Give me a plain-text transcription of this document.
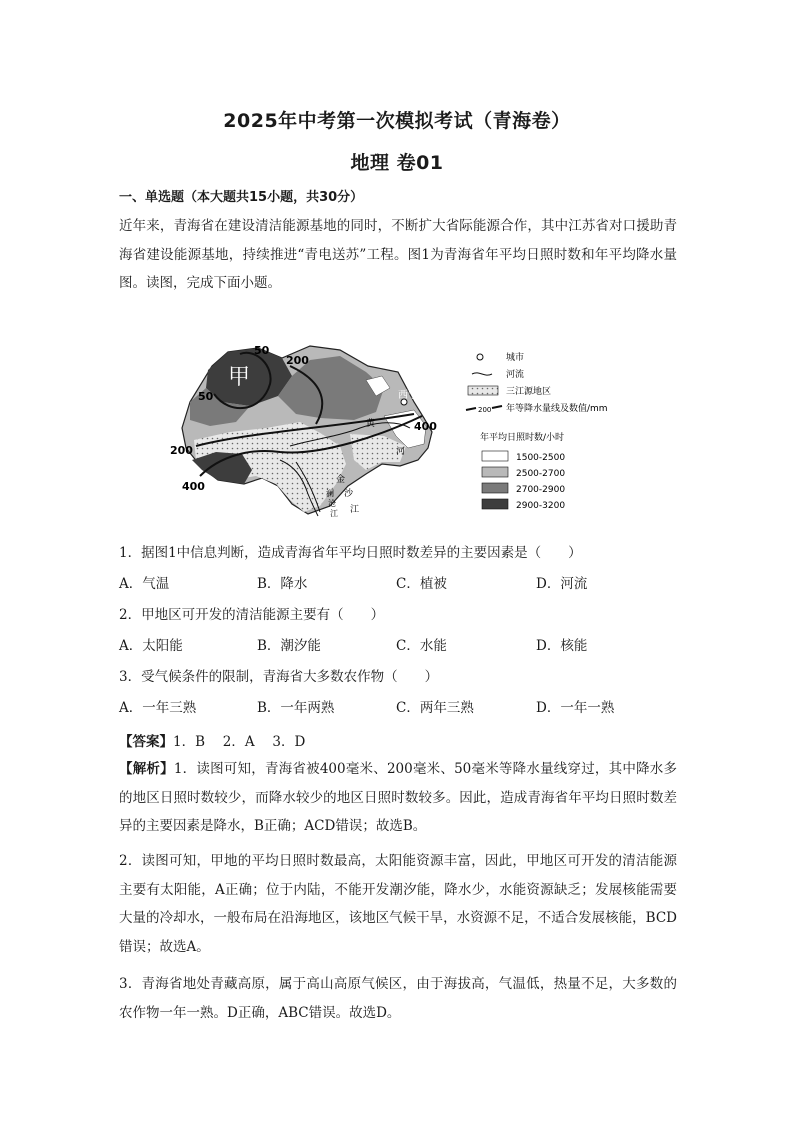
2025年中考第一次模拟考试（青海卷）
地理 卷01
一、单选题（本大题共15小题，共30分）
近年来，青海省在建设清洁能源基地的同时，不断扩大省际能源合作，其中江苏省对口援助青海省建设能源基地，持续推进“青电送苏”工程。图1为青海省年平均日照时数和年平均降水量图。读图，完成下面小题。
甲
50
200
50
200
400
400
西宁
黄
河
金
沙
江
澜
沧
江
城市
河流
三江源地区
200 年等降水量线及数值/mm
年平均日照时数/小时
1500-2500
2500-2700
2700-2900
2900-3200
1．据图1中信息判断，造成青海省年平均日照时数差异的主要因素是（　　）
A．气温	B．降水	C．植被	D．河流
2．甲地区可开发的清洁能源主要有（　　）
A．太阳能	B．潮汐能	C．水能	D．核能
3．受气候条件的限制，青海省大多数农作物（　　）
A．一年三熟	B．一年两熟	C．两年三熟	D．一年一熟
【答案】1．B　 2．A　 3．D
【解析】1．读图可知，青海省被400毫米、200毫米、50毫米等降水量线穿过，其中降水多的地区日照时数较少，而降水较少的地区日照时数较多。因此，造成青海省年平均日照时数差异的主要因素是降水，B正确；ACD错误；故选B。
2．读图可知，甲地的平均日照时数最高，太阳能资源丰富，因此，甲地区可开发的清洁能源主要有太阳能，A正确；位于内陆，不能开发潮汐能，降水少，水能资源缺乏；发展核能需要大量的冷却水，一般布局在沿海地区，该地区气候干旱，水资源不足，不适合发展核能，BCD错误；故选A。
3．青海省地处青藏高原，属于高山高原气候区，由于海拔高，气温低，热量不足，大多数的农作物一年一熟。D正确，ABC错误。故选D。
